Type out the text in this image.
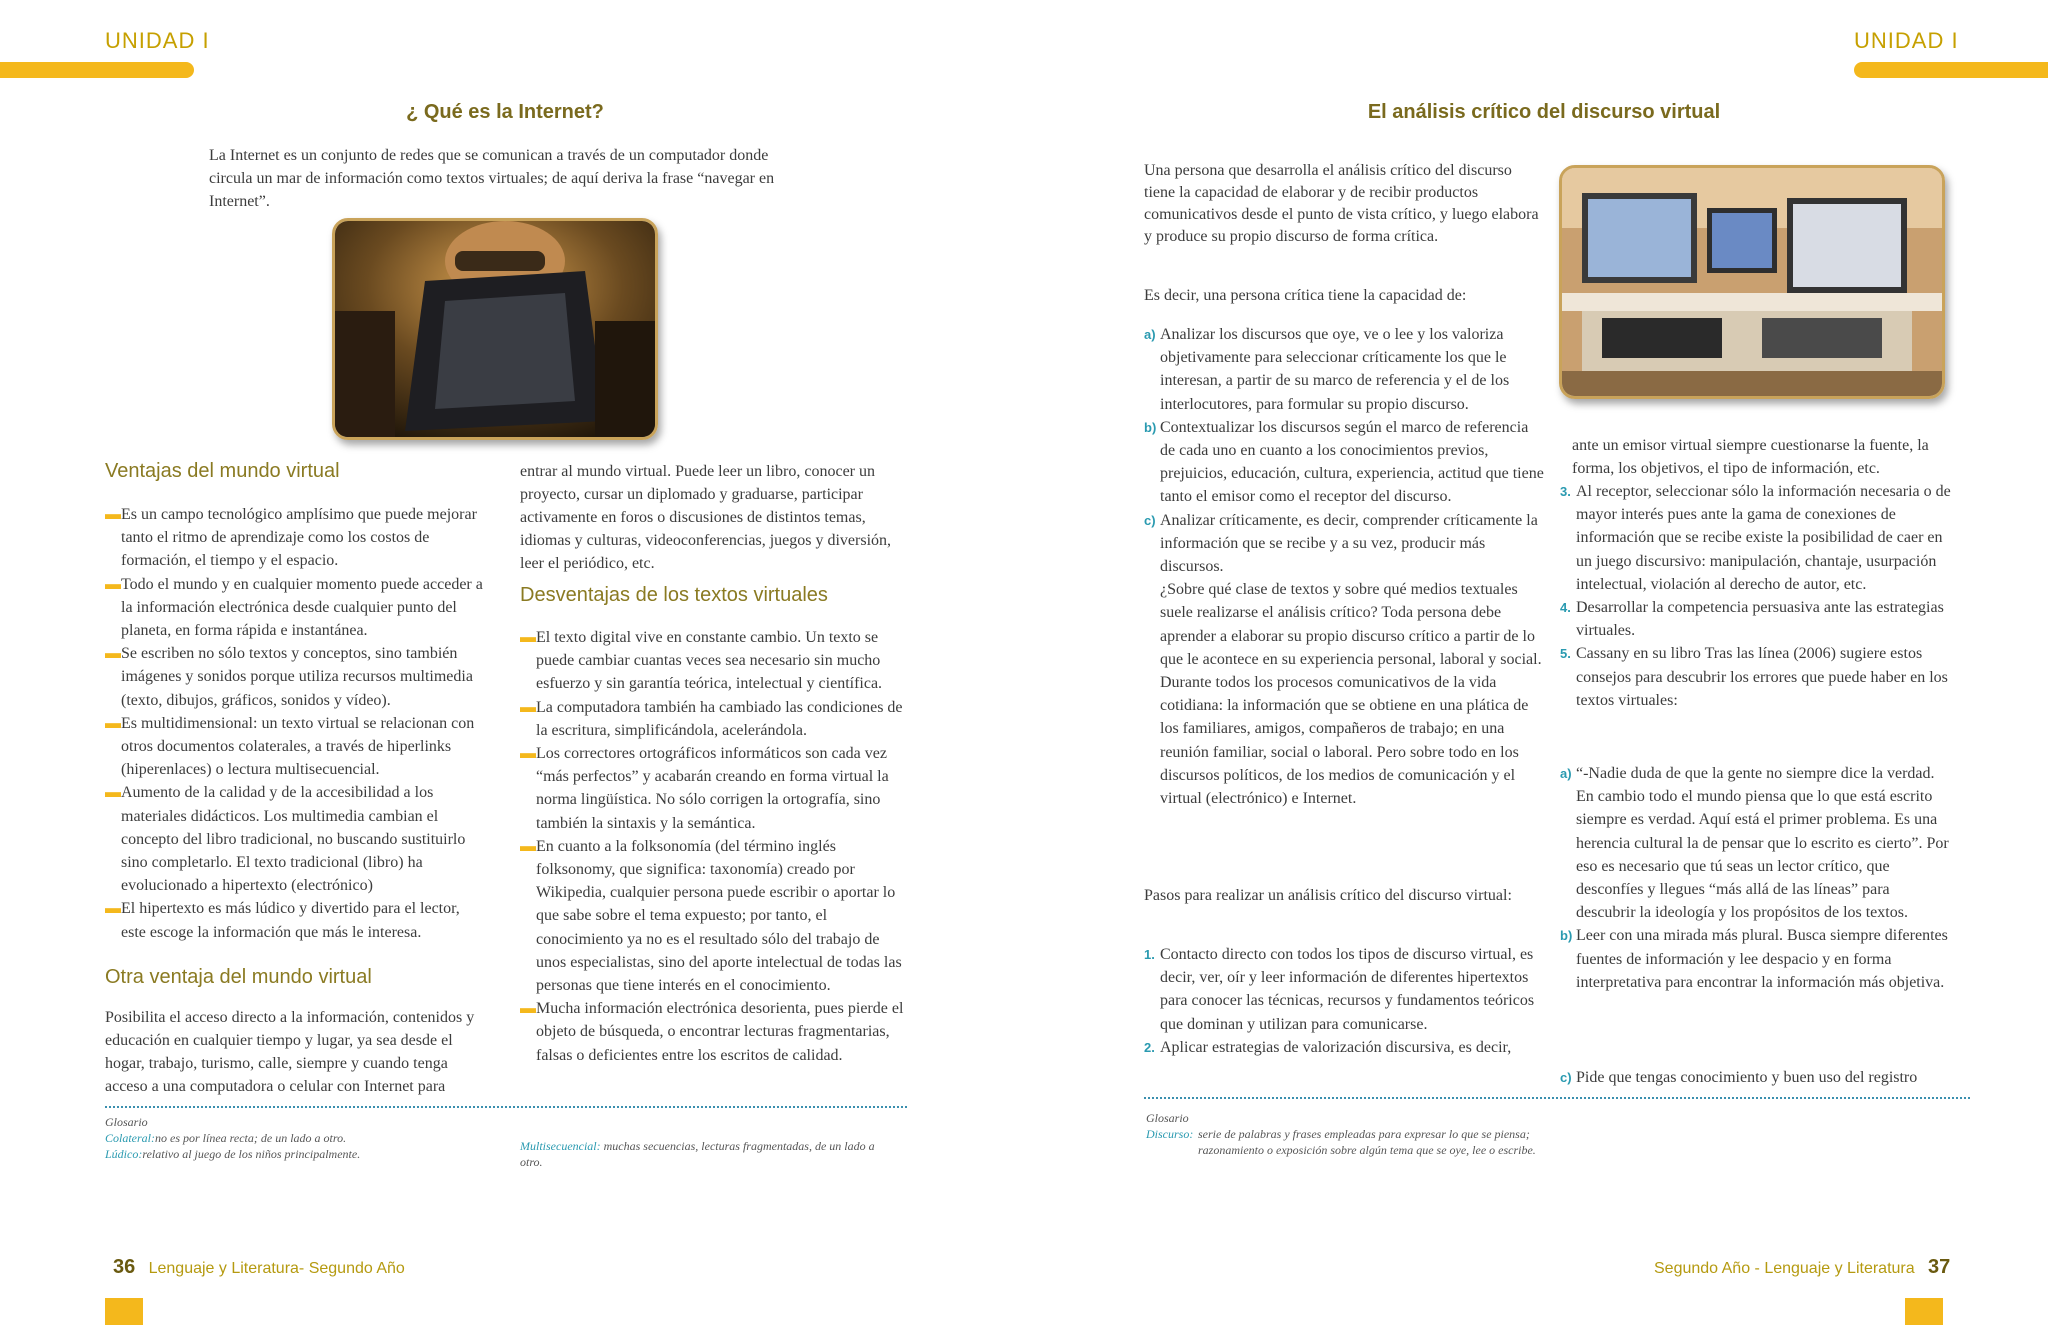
UNIDAD I
¿ Qué es la Internet?

La Internet es un conjunto de redes que se comunican a través de un computador donde circula un mar de información como textos virtuales; de aquí deriva la frase “navegar en Internet”.

Ventajas del mundo virtual
▬ Es un campo tecnológico amplísimo que puede mejorar tanto el ritmo de aprendizaje como los costos de formación, el tiempo y el espacio.
▬ Todo el mundo y en cualquier momento puede acceder a la información electrónica desde cualquier punto del planeta, en forma rápida e instantánea.
▬ Se escriben no sólo textos y conceptos, sino también imágenes y sonidos porque utiliza recursos multimedia (texto, dibujos, gráficos, sonidos y vídeo).
▬ Es multidimensional: un texto virtual se relacionan con otros documentos colaterales, a través de hiperlinks (hiperenlaces) o lectura multisecuencial.
▬ Aumento de la calidad y de la accesibilidad a los materiales didácticos. Los multimedia cambian el concepto del libro tradicional, no buscando sustituirlo sino completarlo. El texto tradicional (libro) ha evolucionado a hipertexto (electrónico)
▬ El hipertexto es más lúdico y divertido para el lector, este escoge la información que más le interesa.
Otra ventaja del mundo virtual

Posibilita el acceso directo a la información, contenidos y educación en cualquier tiempo y lugar, ya sea desde el hogar, trabajo, turismo, calle, siempre y cuando tenga acceso a una computadora o celular con Internet para

entrar al mundo virtual. Puede leer un libro, conocer un proyecto, cursar un diplomado y graduarse, participar activamente en foros o discusiones de distintos temas, idiomas y culturas, videoconferencias, juegos y diversión, leer el periódico, etc.

Desventajas de los textos virtuales
▬ El texto digital vive en constante cambio. Un texto se puede cambiar cuantas veces sea necesario sin mucho esfuerzo y sin garantía teórica, intelectual y científica.
▬ La computadora también ha cambiado las condiciones de la escritura, simplificándola, acelerándola.
▬ Los correctores ortográficos informáticos son cada vez “más perfectos” y acabarán creando en forma virtual la norma lingüística. No sólo corrigen la ortografía, sino también la sintaxis y la semántica.
▬ En cuanto a la folksonomía (del término inglés folksonomy, que significa: taxonomía) creado por Wikipedia, cualquier persona puede escribir o aportar lo que sabe sobre el tema expuesto; por tanto, el conocimiento ya no es el resultado sólo del trabajo de unos especialistas, sino del aporte intelectual de todas las personas que tiene interés en el conocimiento.
▬ Mucha información electrónica desorienta, pues pierde el objeto de búsqueda, o encontrar lecturas fragmentarias, falsas o deficientes entre los escritos de calidad.
Glosario
Colateral:no es por línea recta; de un lado a otro.
Lúdico:relativo al juego de los niños principalmente.
Multisecuencial: muchas secuencias, lecturas fragmentadas, de un lado a otro.
36 Lenguaje y Literatura- Segundo Año
UNIDAD I
El análisis crítico del discurso virtual

Una persona que desarrolla el análisis crítico del discurso tiene la capacidad de elaborar y de recibir productos comunicativos desde el punto de vista crítico, y luego elabora y produce su propio discurso de forma crítica.

Es decir, una persona crítica tiene la capacidad de:

a) Analizar los discursos que oye, ve o lee y los valoriza objetivamente para seleccionar críticamente los que le interesan, a partir de su marco de referencia y el de los interlocutores, para formular su propio discurso.
b) Contextualizar los discursos según el marco de referencia de cada uno en cuanto a los conocimientos previos, prejuicios, educación, cultura, experiencia, actitud que tiene tanto el emisor como el receptor del discurso.
c) Analizar críticamente, es decir, comprender críticamente la información que se recibe y a su vez, producir más discursos.
¿Sobre qué clase de textos y sobre qué medios textuales suele realizarse el análisis crítico? Toda persona debe aprender a elaborar su propio discurso crítico a partir de lo que le acontece en su experiencia personal, laboral y social. Durante todos los procesos comunicativos de la vida cotidiana: la información que se obtiene en una plática de los familiares, amigos, compañeros de trabajo; en una reunión familiar, social o laboral. Pero sobre todo en los discursos políticos, de los medios de comunicación y el virtual (electrónico) e Internet.

Pasos para realizar un análisis crítico del discurso virtual:

1. Contacto directo con todos los tipos de discurso virtual, es decir, ver, oír y leer información de diferentes hipertextos para conocer las técnicas, recursos y fundamentos teóricos que dominan y utilizan para comunicarse.
2. Aplicar estrategias de valorización discursiva, es decir,

ante un emisor virtual siempre cuestionarse la fuente, la forma, los objetivos, el tipo de información, etc.

3. Al receptor, seleccionar sólo la información necesaria o de mayor interés pues ante la gama de conexiones de información que se recibe existe la posibilidad de caer en un juego discursivo: manipulación, chantaje, usurpación intelectual, violación al derecho de autor, etc.
4. Desarrollar la competencia persuasiva ante las estrategias virtuales.
5. Cassany en su libro Tras las línea (2006) sugiere estos consejos para descubrir los errores que puede haber en los textos virtuales:
a) “-Nadie duda de que la gente no siempre dice la verdad. En cambio todo el mundo piensa que lo que está escrito siempre es verdad. Aquí está el primer problema. Es una herencia cultural la de pensar que lo escrito es cierto”. Por eso es necesario que tú seas un lector crítico, que desconfíes y llegues “más allá de las líneas” para descubrir la ideología y los propósitos de los textos.
b) Leer con una mirada más plural. Busca siempre diferentes fuentes de información y lee despacio y en forma interpretativa para encontrar la información más objetiva.
c) Pide que tengas conocimiento y buen uso del registro
Glosario
Discurso: serie de palabras y frases empleadas para expresar lo que se piensa; razonamiento o exposición sobre algún tema que se oye, lee o escribe.
Segundo Año - Lenguaje y Literatura 37
